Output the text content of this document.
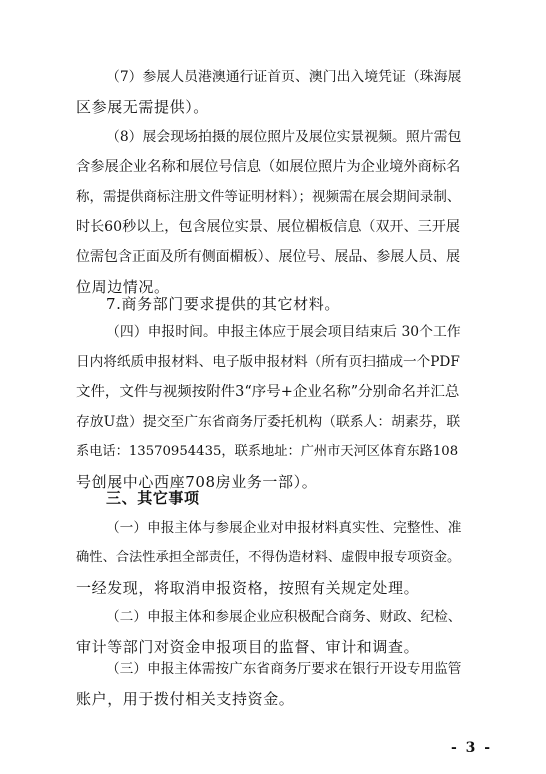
（7）参展人员港澳通行证首页、澳门出入境凭证（珠海展
区参展无需提供）。
（8）展会现场拍摄的展位照片及展位实景视频。照片需包
含参展企业名称和展位号信息（如展位照片为企业境外商标名
称，需提供商标注册文件等证明材料）；视频需在展会期间录制、
时长60秒以上，包含展位实景、展位楣板信息（双开、三开展
位需包含正面及所有侧面楣板）、展位号、展品、参展人员、展
位周边情况。
7.商务部门要求提供的其它材料。
（四）申报时间。申报主体应于展会项目结束后 30个工作
日内将纸质申报材料、电子版申报材料（所有页扫描成一个PDF
文件，文件与视频按附件3“序号+企业名称”分别命名并汇总
存放U盘）提交至广东省商务厅委托机构（联系人：胡素芬，联
系电话：13570954435，联系地址：广州市天河区体育东路108
号创展中心西座708房业务一部）。
三、其它事项
（一）申报主体与参展企业对申报材料真实性、完整性、准
确性、合法性承担全部责任，不得伪造材料、虚假申报专项资金。
一经发现，将取消申报资格，按照有关规定处理。
（二）申报主体和参展企业应积极配合商务、财政、纪检、
审计等部门对资金申报项目的监督、审计和调查。
（三）申报主体需按广东省商务厅要求在银行开设专用监管
账户，用于拨付相关支持资金。
- 3 -
